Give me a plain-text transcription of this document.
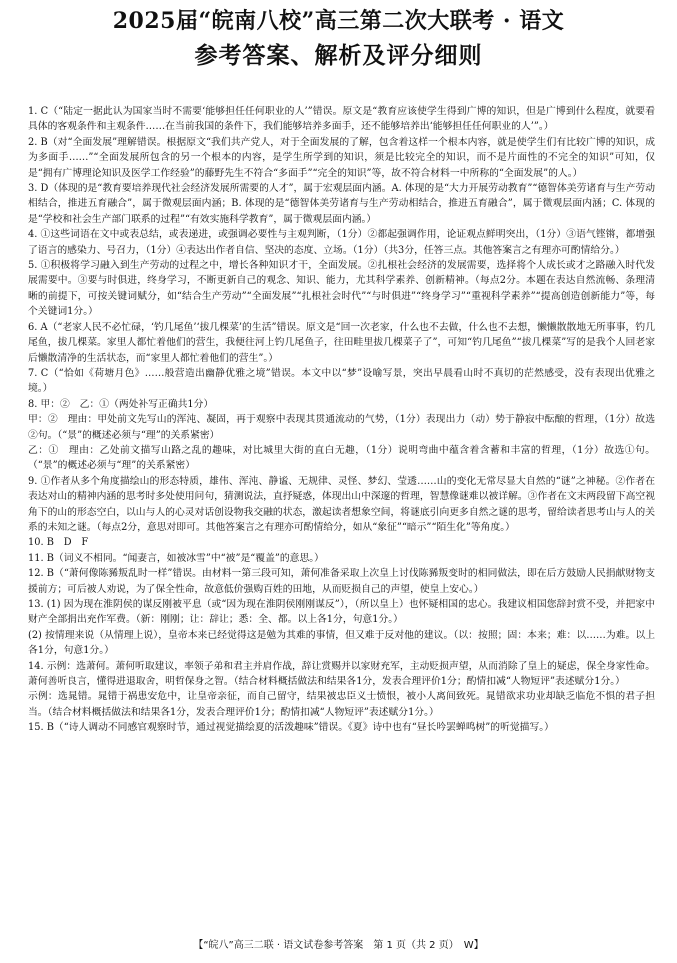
2025届“皖南八校”高三第二次大联考 · 语文
参考答案、解析及评分细则

1. C（“陆定一据此认为国家当时不需要‘能够担任任何职业的人’”错误。原文是“教育应该使学生得到广博的知识，但是广博到什么程度，就要看具体的客观条件和主观条件……在当前我国的条件下，我们能够培养多面手，还不能够培养出‘能够担任任何职业的人’”。）

2. B（对“全面发展”理解错误。根据原文“我们共产党人，对于全面发展的了解，包含着这样一个根本内容，就是使学生们有比较广博的知识，成为多面手……”“全面发展所包含的另一个根本的内容，是学生所学到的知识，须是比较完全的知识，而不是片面性的不完全的知识”可知，仅是“拥有广博理论知识及医学工作经验”的藤野先生不符合“多面手”“完全的知识”等，故不符合材料一中所称的“全面发展”的人。）

3. D（体现的是“教育要培养现代社会经济发展所需要的人才”，属于宏观层面内涵。A. 体现的是“大力开展劳动教育”“德智体美劳诸育与生产劳动相结合，推进五育融合”，属于微观层面内涵；B. 体现的是“德智体美劳诸育与生产劳动相结合，推进五育融合”，属于微观层面内涵；C. 体现的是“学校和社会生产部门联系的过程”“有效实施科学教育”，属于微观层面内涵。）

4. ①这些词语在文中或表总结，或表递进，或强调必要性与主观判断，（1分）②都起强调作用，论证观点鲜明突出，（1分）③语气铿锵，都增强了语言的感染力、号召力，（1分）④表达出作者自信、坚决的态度、立场。（1分）（共3分，任答三点。其他答案言之有理亦可酌情给分。）

5. ①积极将学习融入到生产劳动的过程之中，增长各种知识才干，全面发展。②扎根社会经济的发展需要，选择将个人成长或才之路融入时代发展需要中。③要与时俱进，终身学习，不断更新自己的观念、知识、能力，尤其科学素养、创新精神。（每点2分。本题在表达自然流畅、条理清晰的前提下，可按关键词赋分，如“结合生产劳动”“全面发展”“扎根社会时代”“与时俱进”“终身学习”“重视科学素养”“提高创造创新能力”等，每个关键词1分。）

6. A（“老家人民不必忙碌，‘钓几尾鱼’‘拔几棵菜’的生活”错误。原文是“回一次老家，什么也不去做，什么也不去想，懒懒散散地无所事事，钓几尾鱼，拔几棵菜。家里人都忙着他们的营生，我便往河上钓几尾鱼子，往田畦里拔几棵菜子了”，可知“钓几尾鱼”“拔几棵菜”写的是我个人回老家后懒散清净的生活状态，而“家里人都忙着他们的营生”。）

7. C（“恰如《荷塘月色》……般营造出幽静优雅之境”错误。本文中以“梦”设喻写景，突出早晨看山时不真切的茫然感受，没有表现出优雅之境。）

8. 甲：②　乙：①（两处补写正确共1分）

甲：②　理由：甲处前文先写山的浑沌、凝固，再于观察中表现其贯通流动的气势，（1分）表现出力（动）势于静寂中酝酿的哲理，（1分）故选②句。（“景”的概述必须与“理”的关系紧密）

乙：①　理由：乙处前文描写山路之乱的趣味，对比城里大街的直白无趣，（1分）说明弯曲中蕴含着含蓄和丰富的哲理，（1分）故选①句。（“景”的概述必须与“理”的关系紧密）

9. ①作者从多个角度描绘山的形态特质，雄伟、浑沌、静谧、无规律、灵怪、梦幻、莹透……山的变化无常尽显大自然的“谜”之神秘。②作者在表达对山的精神内涵的思考时多处使用问句，猜测说法，直抒疑惑，体现出山中深邃的哲理，智慧像谜难以被详解。③作者在文末两段留下高空视角下的山的形态空白，以山与人的心灵对话创设物我交融的状态，激起读者想象空间，将谜底引向更多自然之谜的思考，留给读者思考山与人的关系的未知之谜。（每点2分，意思对即可。其他答案言之有理亦可酌情给分，如从“象征”“暗示”“陌生化”等角度。）

10. B　D　F

11. B（词义不相同。“闻妻言，如被冰雪”中“被”是“覆盖”的意思。）

12. B（“萧何像陈豨叛乱时一样”错误。由材料一第三段可知，萧何准备采取上次皇上讨伐陈豨叛变时的相同做法，即在后方鼓励人民捐献财物支援前方；可后被人劝说，为了保全性命，故意低价强购百姓的田地，从而贬损自己的声望，使皇上安心。）

13. (1) 因为现在淮阴侯的谋反刚被平息（或“因为现在淮阴侯刚刚谋反”），（所以皇上）也怀疑相国的忠心。我建议相国您辞封赏不受，并把家中财产全部捐出充作军费。（新：刚刚；让：辞让；悉：全、都。以上各1分，句意1分。）

(2) 按情理来说（从情理上说），皇帝本来已经觉得这是勉为其难的事情，但又难于反对他的建议。（以：按照；固：本来；难：以……为难。以上各1分，句意1分。）

14. 示例：选萧何。萧何听取建议，率领子弟和君主并肩作战，辞让赏赐并以家财充军，主动贬损声望，从而消除了皇上的疑虑，保全身家性命。萧何善听良言，懂得进退取舍，明哲保身之智。（结合材料概括做法和结果各1分，发表合理评价1分；酌情扣减“人物短评”表述赋分1分。）

示例：选晁错。晁错于祸患安危中，让皇帝亲征，而自己留守，结果被忠臣义士愤恨，被小人离间致死。晁错欲求功业却缺乏临危不惧的君子担当。（结合材料概括做法和结果各1分，发表合理评价1分；酌情扣减“人物短评”表述赋分1分。）

15. B（“诗人调动不同感官观察时节，通过视觉描绘夏的活泼趣味”错误。《夏》诗中也有“昼长吟罢蝉鸣树”的听觉描写。）

【“皖八”高三二联 · 语文试卷参考答案　第 1 页（共 2 页）　W】
